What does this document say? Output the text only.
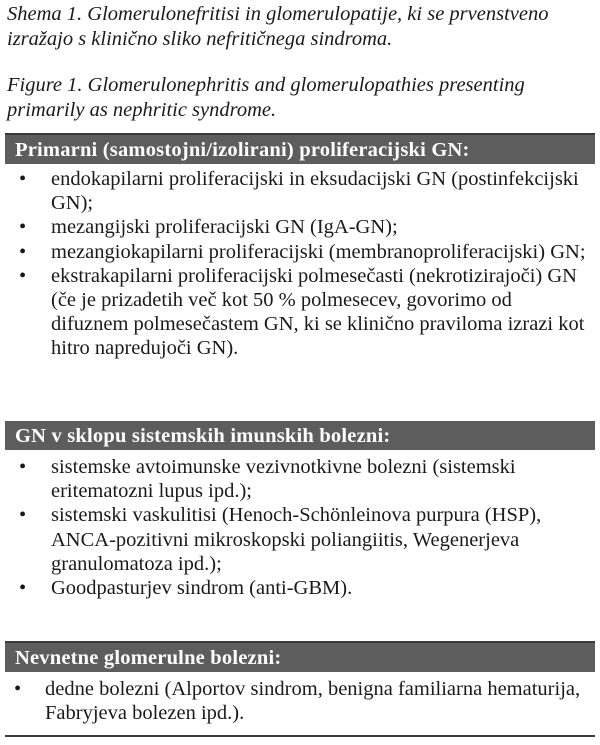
Shema 1. Glomerulonefritisi in glomerulopatije, ki se prvenstveno izražajo s klinično sliko nefritičnega sindroma.

Figure 1. Glomerulonephritis and glomerulopathies presenting primarily as nephritic syndrome.

Primarni (samostojni/izolirani) proliferacijski GN:
•	endokapilarni proliferacijski in eksudacijski GN (postinfekcijski GN);
•	mezangijski proliferacijski GN (IgA-GN);
•	mezangiokapilarni proliferacijski (membranoproliferacijski) GN;
•	ekstrakapilarni proliferacijski polmesečasti (nekrotizirajoči) GN (če je prizadetih več kot 50 % polmesecev, govorimo od difuznem polmesečastem GN, ki se klinično praviloma izrazi kot hitro napredujoči GN).
GN v sklopu sistemskih imunskih bolezni:
•	sistemske avtoimunske vezivnotkivne bolezni (sistemski eritematozni lupus ipd.);
•	sistemski vaskulitisi (Henoch-Schönleinova purpura (HSP), ANCA-pozitivni mikroskopski poliangiitis, Wegenerjeva granulomatoza ipd.);
•	Goodpasturjev sindrom (anti-GBM).
Nevnetne glomerulne bolezni:
•	dedne bolezni (Alportov sindrom, benigna familiarna hematurija, Fabryjeva bolezen ipd.).
